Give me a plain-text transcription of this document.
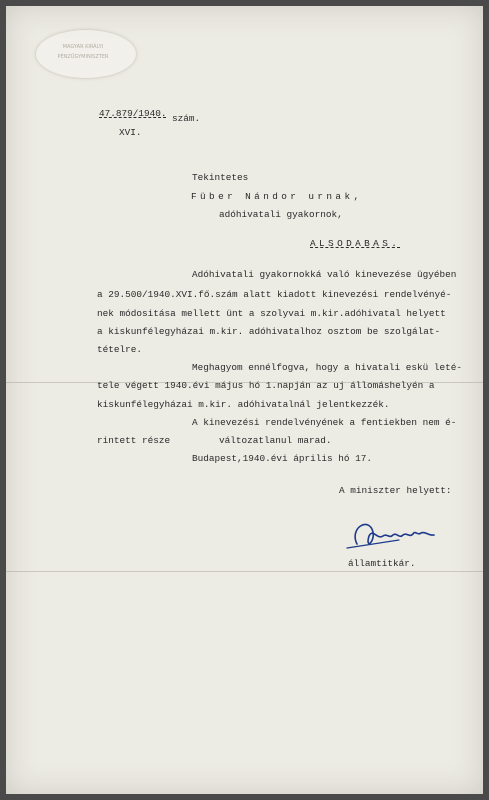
MAGYAR KIRÁLYI
PÉNZÜGYMINISZTER
47.879/1940. szám.
XVI.
Tekintetes
Füber Nándor urnak,
adóhivatali gyakornok,
ALSODABAS.
Adóhivatali gyakornokká való kinevezése ügyében
a 29.500/1940.XVI.fő.szám alatt kiadott kinevezési rendelvényé-
nek módositása mellett ünt a szolyvai m.kir.adóhivatal helyett
a kiskunfélegyházai m.kir. adóhivatalhoz osztom be szolgálat-
tételre.
Meghagyom ennélfogva, hogy a hivatali eskü leté-
tele végett 1940.évi május hó 1.napján az uj állomáshelyén a
kiskunfélegyházai m.kir. adóhivatalnál jelentkezzék.
A kinevezési rendelvényének a fentiekben nem é-
rintett része	változatlanul marad.
Budapest,1940.évi április hó 17.
A miniszter helyett:
államtitkár.
